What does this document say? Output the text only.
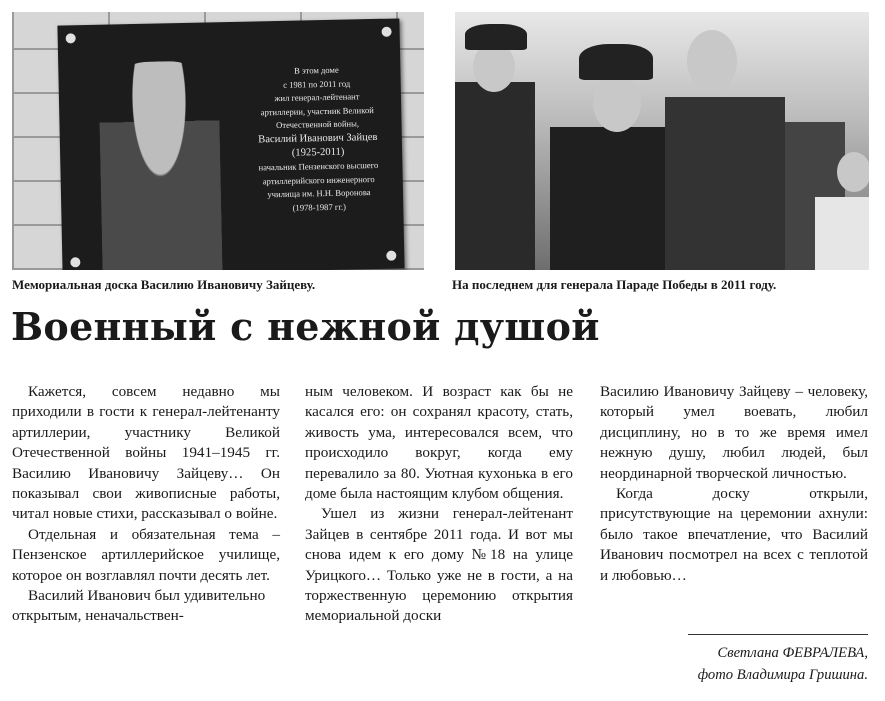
В этом доме
с 1981 по 2011 год
жил генерал-лейтенант
артиллерии, участник Великой
Отечественной войны,
Василий Иванович Зайцев
(1925-2011)
начальник Пензенского высшего
артиллерийского инженерного
училища им. Н.Н. Воронова
(1978-1987 гг.)
Мемориальная доска Василию Ивановичу Зайцеву.	На последнем для генерала Параде Победы в 2011 году.
Военный с нежной душой

Кажется, совсем недавно мы приходили в гости к генерал-лейтенанту артиллерии, участнику Великой Отечественной войны 1941–1945 гг. Василию Ивановичу Зайцеву… Он показывал свои живописные работы, читал новые стихи, рассказывал о войне.

Отдельная и обязательная тема – Пензенское артиллерийское училище, которое он возглавлял почти десять лет.

Василий Иванович был удивительно открытым, неначальствен-

ным человеком. И возраст как бы не касался его: он сохранял красоту, стать, живость ума, интересовался всем, что происходило вокруг, когда ему перевалило за 80. Уютная кухонька в его доме была настоящим клубом общения.

Ушел из жизни генерал-лейтенант Зайцев в сентябре 2011 года. И вот мы снова идем к его дому №18 на улице Урицкого… Только уже не в гости, а на торжественную церемонию открытия мемориальной доски

Василию Ивановичу Зайцеву – человеку, который умел воевать, любил дисциплину, но в то же время имел нежную душу, любил людей, был неординарной творческой личностью.

Когда доску открыли, присутствующие на церемонии ахнули: было такое впечатление, что Василий Иванович посмотрел на всех с теплотой и любовью…

Светлана ФЕВРАЛЕВА,
фото Владимира Гришина.
